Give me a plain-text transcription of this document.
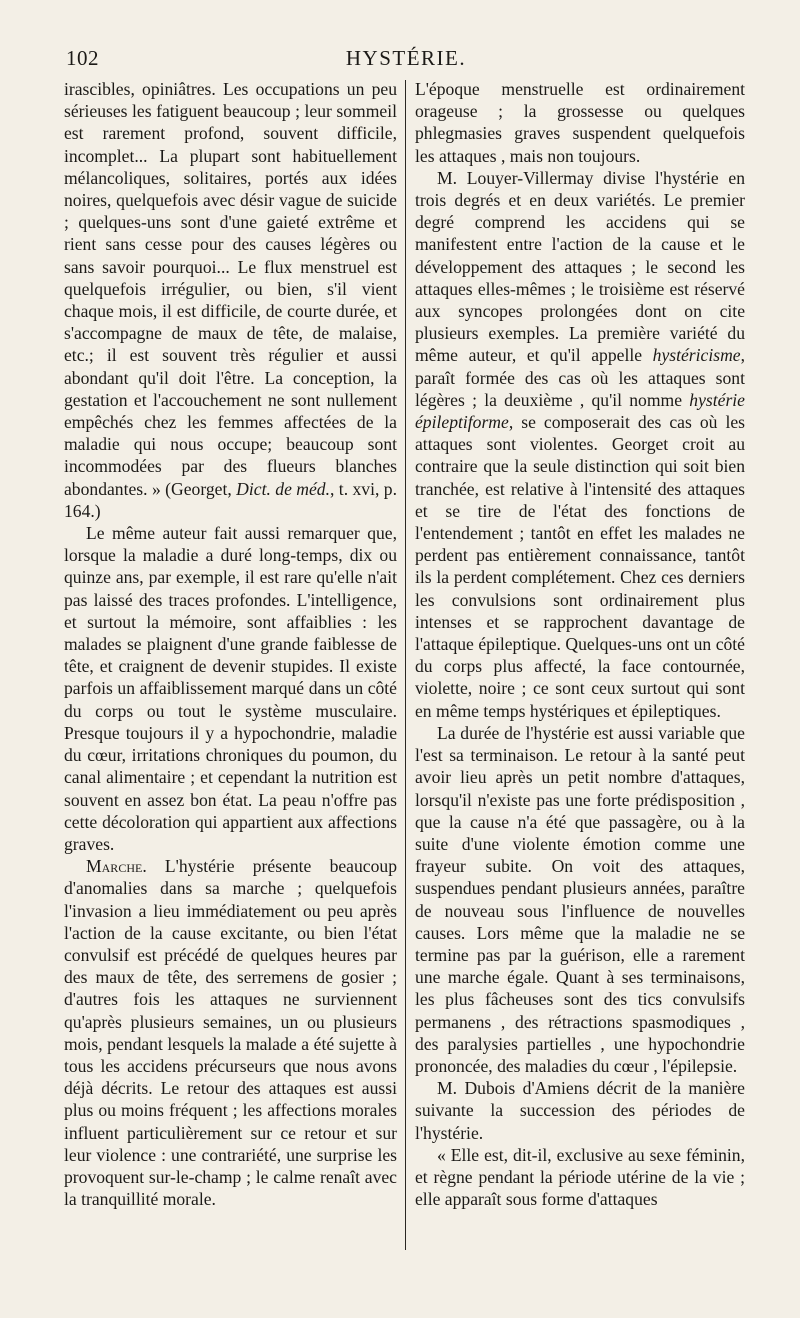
102	HYSTÉRIE.

irascibles, opiniâtres. Les occupations un peu sérieuses les fatiguent beaucoup ; leur sommeil est rarement profond, souvent difficile, incomplet... La plupart sont habituellement mélancoliques, solitaires, portés aux idées noires, quelquefois avec désir vague de suicide ; quelques-uns sont d'une gaieté extrême et rient sans cesse pour des causes légères ou sans savoir pourquoi... Le flux menstruel est quelquefois irrégulier, ou bien, s'il vient chaque mois, il est difficile, de courte durée, et s'accompagne de maux de tête, de malaise, etc.; il est souvent très régulier et aussi abondant qu'il doit l'être. La conception, la gestation et l'accouchement ne sont nullement empêchés chez les femmes affectées de la maladie qui nous occupe; beaucoup sont incommodées par des flueurs blanches abondantes. » (Georget, Dict. de méd., t. xvi, p. 164.)

Le même auteur fait aussi remarquer que, lorsque la maladie a duré long-temps, dix ou quinze ans, par exemple, il est rare qu'elle n'ait pas laissé des traces profondes. L'intelligence, et surtout la mémoire, sont affaiblies : les malades se plaignent d'une grande faiblesse de tête, et craignent de devenir stupides. Il existe parfois un affaiblissement marqué dans un côté du corps ou tout le système musculaire. Presque toujours il y a hypochondrie, maladie du cœur, irritations chroniques du poumon, du canal alimentaire ; et cependant la nutrition est souvent en assez bon état. La peau n'offre pas cette décoloration qui appartient aux affections graves.

Marche. L'hystérie présente beaucoup d'anomalies dans sa marche ; quelquefois l'invasion a lieu immédiatement ou peu après l'action de la cause excitante, ou bien l'état convulsif est précédé de quelques heures par des maux de tête, des serremens de gosier ; d'autres fois les attaques ne surviennent qu'après plusieurs semaines, un ou plusieurs mois, pendant lesquels la malade a été sujette à tous les accidens précurseurs que nous avons déjà décrits. Le retour des attaques est aussi plus ou moins fréquent ; les affections morales influent particulièrement sur ce retour et sur leur violence : une contrariété, une surprise les provoquent sur-le-champ ; le calme renaît avec la tranquillité morale.

L'époque menstruelle est ordinairement orageuse ; la grossesse ou quelques phlegmasies graves suspendent quelquefois les attaques , mais non toujours.

M. Louyer-Villermay divise l'hystérie en trois degrés et en deux variétés. Le premier degré comprend les accidens qui se manifestent entre l'action de la cause et le développement des attaques ; le second les attaques elles-mêmes ; le troisième est réservé aux syncopes prolongées dont on cite plusieurs exemples. La première variété du même auteur, et qu'il appelle hystéricisme, paraît formée des cas où les attaques sont légères ; la deuxième , qu'il nomme hystérie épileptiforme, se composerait des cas où les attaques sont violentes. Georget croit au contraire que la seule distinction qui soit bien tranchée, est relative à l'intensité des attaques et se tire de l'état des fonctions de l'entendement ; tantôt en effet les malades ne perdent pas entièrement connaissance, tantôt ils la perdent complétement. Chez ces derniers les convulsions sont ordinairement plus intenses et se rapprochent davantage de l'attaque épileptique. Quelques-uns ont un côté du corps plus affecté, la face contournée, violette, noire ; ce sont ceux surtout qui sont en même temps hystériques et épileptiques.

La durée de l'hystérie est aussi variable que l'est sa terminaison. Le retour à la santé peut avoir lieu après un petit nombre d'attaques, lorsqu'il n'existe pas une forte prédisposition , que la cause n'a été que passagère, ou à la suite d'une violente émotion comme une frayeur subite. On voit des attaques, suspendues pendant plusieurs années, paraître de nouveau sous l'influence de nouvelles causes. Lors même que la maladie ne se termine pas par la guérison, elle a rarement une marche égale. Quant à ses terminaisons, les plus fâcheuses sont des tics convulsifs permanens , des rétractions spasmodiques , des paralysies partielles , une hypochondrie prononcée, des maladies du cœur , l'épilepsie.

M. Dubois d'Amiens décrit de la manière suivante la succession des périodes de l'hystérie.

« Elle est, dit-il, exclusive au sexe féminin, et règne pendant la période utérine de la vie ; elle apparaît sous forme d'attaques
